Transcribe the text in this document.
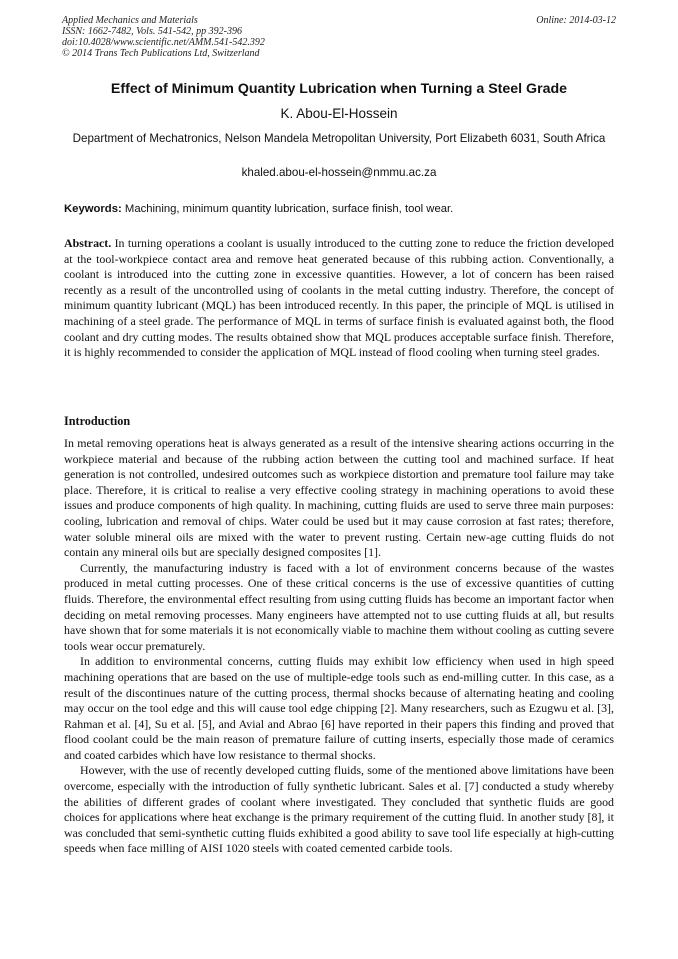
Applied Mechanics and Materials	Online: 2014-03-12
ISSN: 1662-7482, Vols. 541-542, pp 392-396
doi:10.4028/www.scientific.net/AMM.541-542.392
© 2014 Trans Tech Publications Ltd, Switzerland
Effect of Minimum Quantity Lubrication when Turning a Steel Grade
K. Abou-El-Hossein
Department of Mechatronics, Nelson Mandela Metropolitan University, Port Elizabeth 6031, South Africa
khaled.abou-el-hossein@nmmu.ac.za
Keywords: Machining, minimum quantity lubrication, surface finish, tool wear.
Abstract. In turning operations a coolant is usually introduced to the cutting zone to reduce the friction developed at the tool-workpiece contact area and remove heat generated because of this rubbing action. Conventionally, a coolant is introduced into the cutting zone in excessive quantities. However, a lot of concern has been raised recently as a result of the uncontrolled using of coolants in the metal cutting industry. Therefore, the concept of minimum quantity lubricant (MQL) has been introduced recently. In this paper, the principle of MQL is utilised in machining of a steel grade. The performance of MQL in terms of surface finish is evaluated against both, the flood coolant and dry cutting modes. The results obtained show that MQL produces acceptable surface finish. Therefore, it is highly recommended to consider the application of MQL instead of flood cooling when turning steel grades.
Introduction

In metal removing operations heat is always generated as a result of the intensive shearing actions occurring in the workpiece material and because of the rubbing action between the cutting tool and machined surface. If heat generation is not controlled, undesired outcomes such as workpiece distortion and premature tool failure may take place. Therefore, it is critical to realise a very effective cooling strategy in machining operations to avoid these issues and produce components of high quality. In machining, cutting fluids are used to serve three main purposes: cooling, lubrication and removal of chips. Water could be used but it may cause corrosion at fast rates; therefore, water soluble mineral oils are mixed with the water to prevent rusting. Certain new-age cutting fluids do not contain any mineral oils but are specially designed composites [1].

Currently, the manufacturing industry is faced with a lot of environment concerns because of the wastes produced in metal cutting processes. One of these critical concerns is the use of excessive quantities of cutting fluids. Therefore, the environmental effect resulting from using cutting fluids has become an important factor when deciding on metal removing processes. Many engineers have attempted not to use cutting fluids at all, but results have shown that for some materials it is not economically viable to machine them without cooling as cutting severe tools wear occur prematurely.

In addition to environmental concerns, cutting fluids may exhibit low efficiency when used in high speed machining operations that are based on the use of multiple-edge tools such as end-milling cutter. In this case, as a result of the discontinues nature of the cutting process, thermal shocks because of alternating heating and cooling may occur on the tool edge and this will cause tool edge chipping [2]. Many researchers, such as Ezugwu et al. [3], Rahman et al. [4], Su et al. [5], and Avial and Abrao [6] have reported in their papers this finding and proved that flood coolant could be the main reason of premature failure of cutting inserts, especially those made of ceramics and coated carbides which have low resistance to thermal shocks.

However, with the use of recently developed cutting fluids, some of the mentioned above limitations have been overcome, especially with the introduction of fully synthetic lubricant. Sales et al. [7] conducted a study whereby the abilities of different grades of coolant where investigated. They concluded that synthetic fluids are good choices for applications where heat exchange is the primary requirement of the cutting fluid. In another study [8], it was concluded that semi-synthetic cutting fluids exhibited a good ability to save tool life especially at high-cutting speeds when face milling of AISI 1020 steels with coated cemented carbide tools.
